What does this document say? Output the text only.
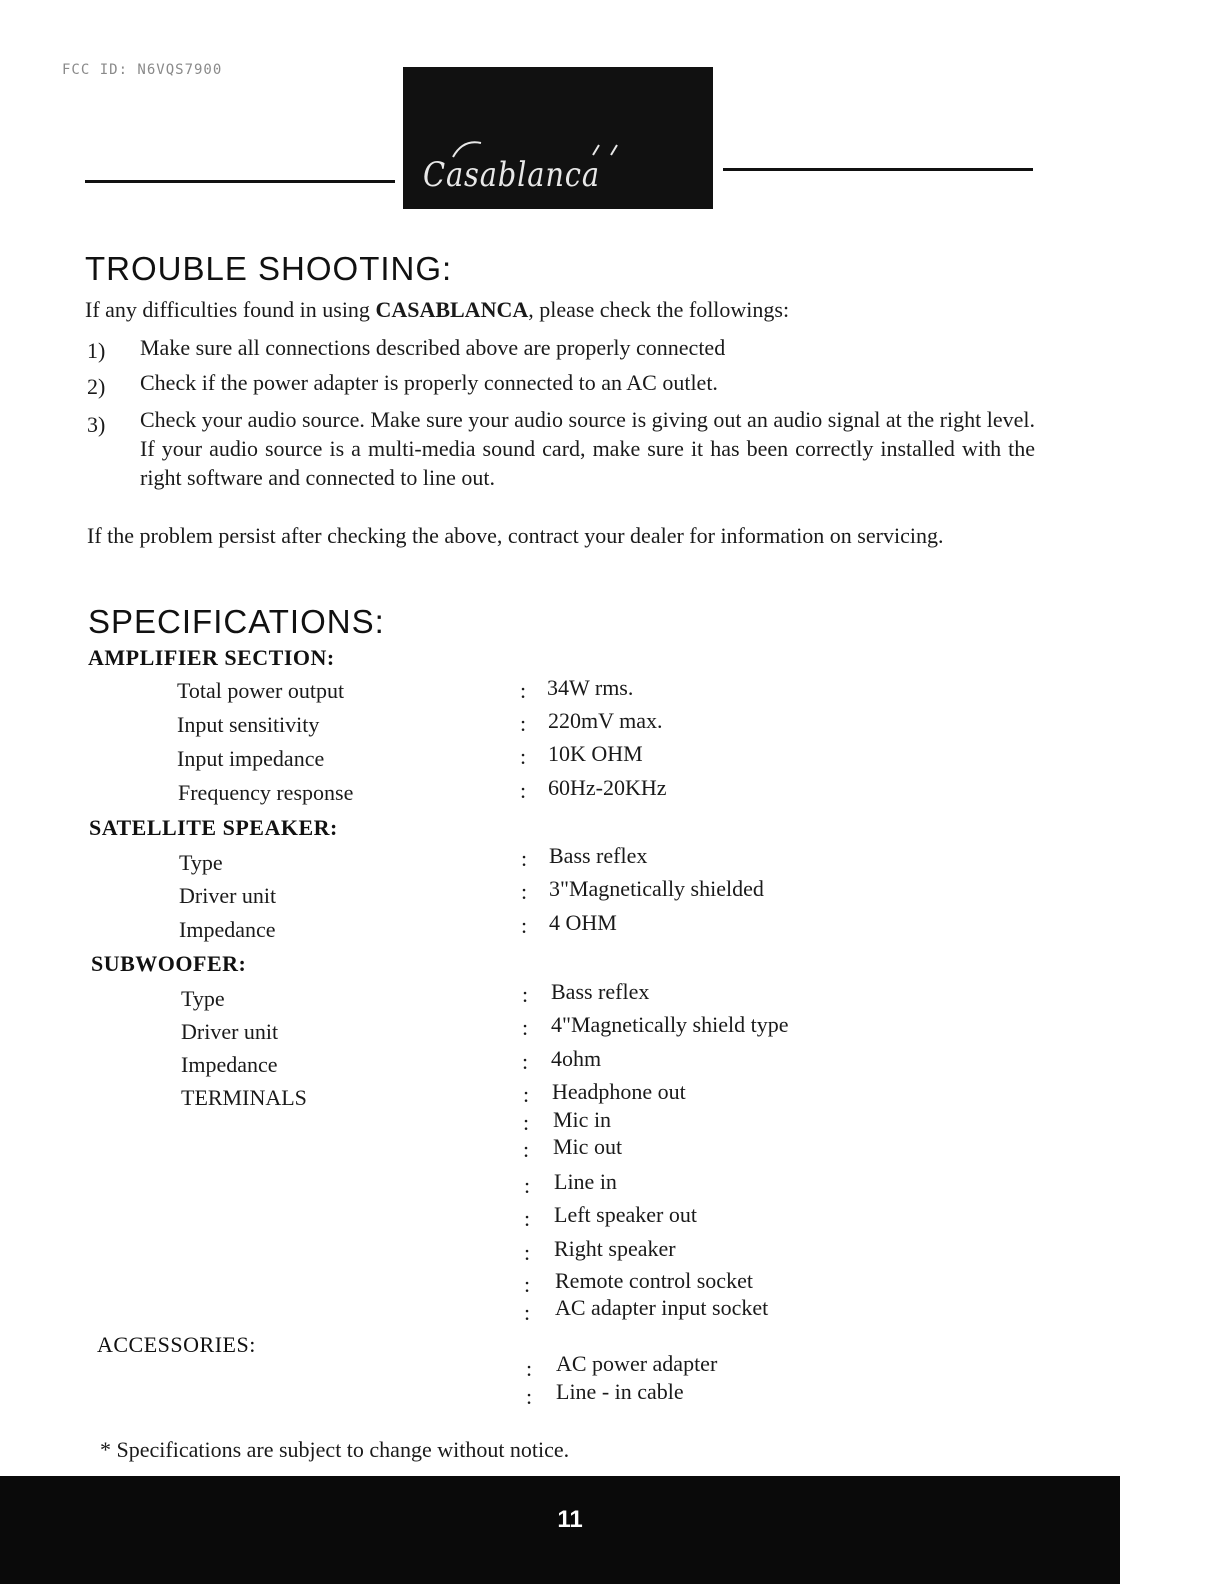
FCC ID: N6VQS7900
Casablanca
TROUBLE SHOOTING:
If any difficulties found in using CASABLANCA, please check the followings:
1) Make sure all connections described above are properly connected
2) Check if the power adapter is properly connected to an AC outlet.
3) Check your audio source. Make sure your audio source is giving out an audio signal at the right level. If your audio source is a multi-media sound card, make sure it has been correctly installed with the right software and connected to line out.
If the problem persist after checking the above, contract your dealer for information on servicing.
SPECIFICATIONS:
AMPLIFIER SECTION:
Total power output	: 34W rms.
Input sensitivity	: 220mV max.
Input impedance	: 10K OHM
Frequency response	: 60Hz-20KHz
SATELLITE SPEAKER:
Type	: Bass reflex
Driver unit	: 3"Magnetically shielded
Impedance	: 4 OHM
SUBWOOFER:
Type	: Bass reflex
Driver unit	: 4"Magnetically shield type
Impedance	: 4ohm
TERMINALS	: Headphone out
: Mic in
: Mic out
: Line in
: Left speaker out
: Right speaker
: Remote control socket
: AC adapter input socket
ACCESSORIES:
: AC power adapter
: Line - in cable
* Specifications are subject to change without notice.
11
